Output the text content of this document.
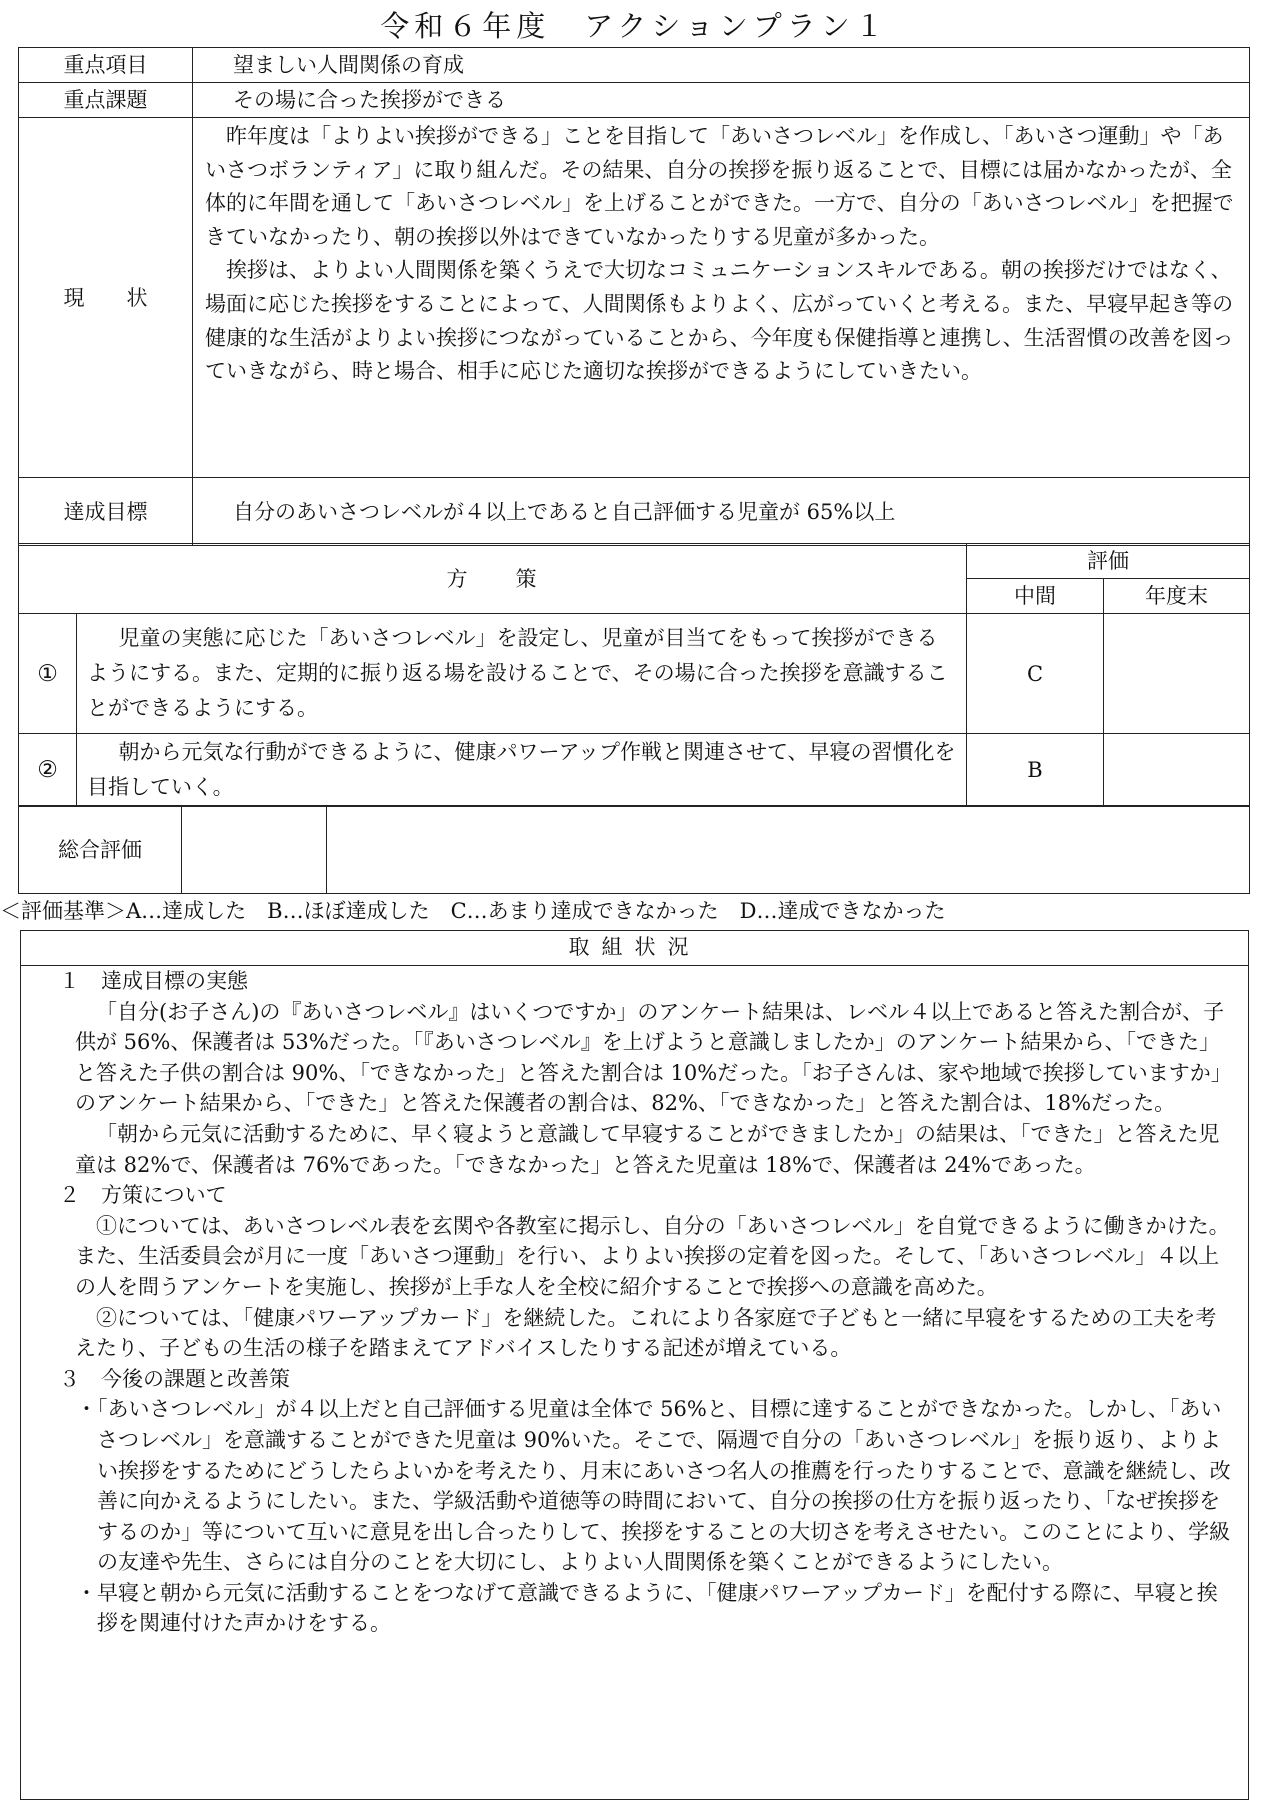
令和６年度　アクションプラン１
重点項目	望ましい人間関係の育成
重点課題	その場に合った挨拶ができる
現　　状	昨年度は「よりよい挨拶ができる」ことを目指して「あいさつレベル」を作成し、「あいさつ運動」や「あいさつボランティア」に取り組んだ。その結果、自分の挨拶を振り返ることで、目標には届かなかったが、全体的に年間を通して「あいさつレベル」を上げることができた。一方で、自分の「あいさつレベル」を把握できていなかったり、朝の挨拶以外はできていなかったりする児童が多かった。

挨拶は、よりよい人間関係を築くうえで大切なコミュニケーションスキルである。朝の挨拶だけではなく、場面に応じた挨拶をすることによって、人間関係もよりよく、広がっていくと考える。また、早寝早起き等の健康的な生活がよりよい挨拶につながっていることから、今年度も保健指導と連携し、生活習慣の改善を図っていきながら、時と場合、相手に応じた適切な挨拶ができるようにしていきたい。

達成目標	自分のあいさつレベルが４以上であると自己評価する児童が 65%以上
方　　策		評価	
		中間	年度末
①	児童の実態に応じた「あいさつレベル」を設定し、児童が目当てをもって挨拶ができるようにする。また、定期的に振り返る場を設けることで、その場に合った挨拶を意識することができるようにする。	C	
②	朝から元気な行動ができるように、健康パワーアップ作戦と関連させて、早寝の習慣化を目指していく。	B	
総合評価		
＜評価基準＞A…達成した　B…ほぼ達成した　C…あまり達成できなかった　D…達成できなかった
取組状況

１　達成目標の実態

「自分(お子さん)の『あいさつレベル』はいくつですか」のアンケート結果は、レベル４以上であると答えた割合が、子供が 56%、保護者は 53%だった。「『あいさつレベル』を上げようと意識しましたか」のアンケート結果から、「できた」と答えた子供の割合は 90%、「できなかった」と答えた割合は 10%だった。「お子さんは、家や地域で挨拶していますか」のアンケート結果から、「できた」と答えた保護者の割合は、82%、「できなかった」と答えた割合は、18%だった。

「朝から元気に活動するために、早く寝ようと意識して早寝することができましたか」の結果は、「できた」と答えた児童は 82%で、保護者は 76%であった。「できなかった」と答えた児童は 18%で、保護者は 24%であった。

２　方策について

①については、あいさつレベル表を玄関や各教室に掲示し、自分の「あいさつレベル」を自覚できるように働きかけた。また、生活委員会が月に一度「あいさつ運動」を行い、よりよい挨拶の定着を図った。そして、「あいさつレベル」４以上の人を問うアンケートを実施し、挨拶が上手な人を全校に紹介することで挨拶への意識を高めた。

②については、「健康パワーアップカード」を継続した。これにより各家庭で子どもと一緒に早寝をするための工夫を考えたり、子どもの生活の様子を踏まえてアドバイスしたりする記述が増えている。

３　今後の課題と改善策

・「あいさつレベル」が４以上だと自己評価する児童は全体で 56%と、目標に達することができなかった。しかし、「あいさつレベル」を意識することができた児童は 90%いた。そこで、隔週で自分の「あいさつレベル」を振り返り、よりよい挨拶をするためにどうしたらよいかを考えたり、月末にあいさつ名人の推薦を行ったりすることで、意識を継続し、改善に向かえるようにしたい。また、学級活動や道徳等の時間において、自分の挨拶の仕方を振り返ったり、「なぜ挨拶をするのか」等について互いに意見を出し合ったりして、挨拶をすることの大切さを考えさせたい。このことにより、学級の友達や先生、さらには自分のことを大切にし、よりよい人間関係を築くことができるようにしたい。

・早寝と朝から元気に活動することをつなげて意識できるように、「健康パワーアップカード」を配付する際に、早寝と挨拶を関連付けた声かけをする。
